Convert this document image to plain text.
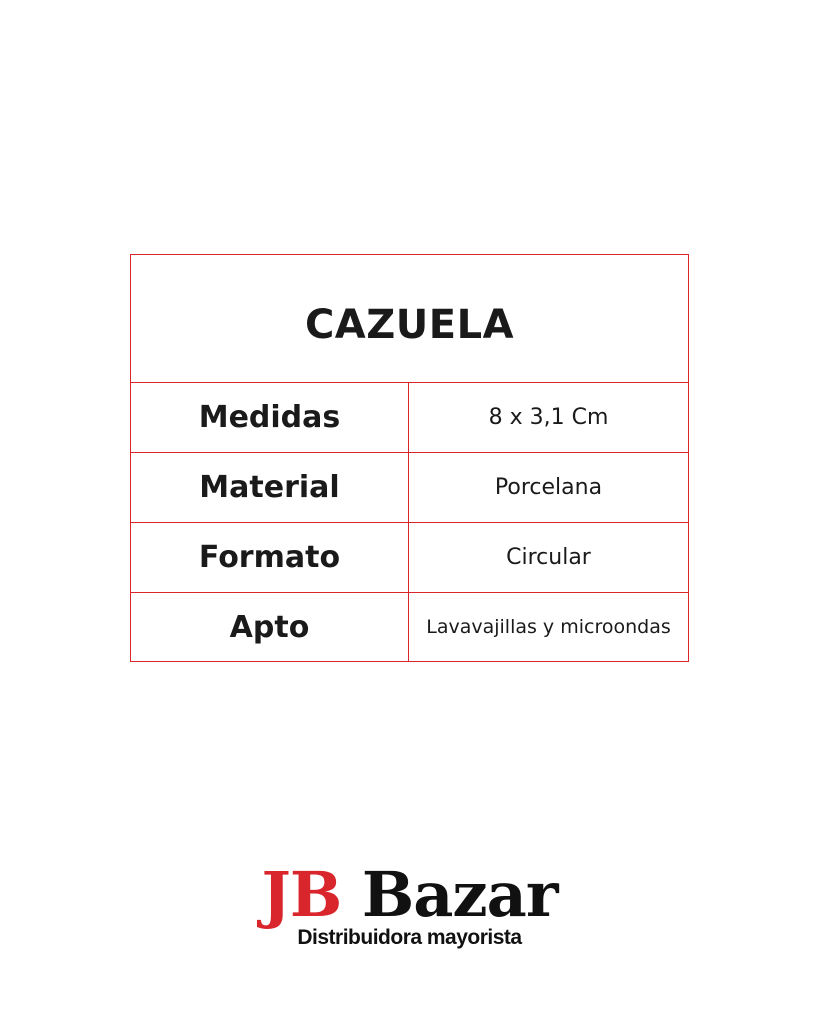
CAZUELA
Medidas	8 x 3,1 Cm
Material	Porcelana
Formato	Circular
Apto	Lavavajillas y microondas
JB Bazar
Distribuidora mayorista
